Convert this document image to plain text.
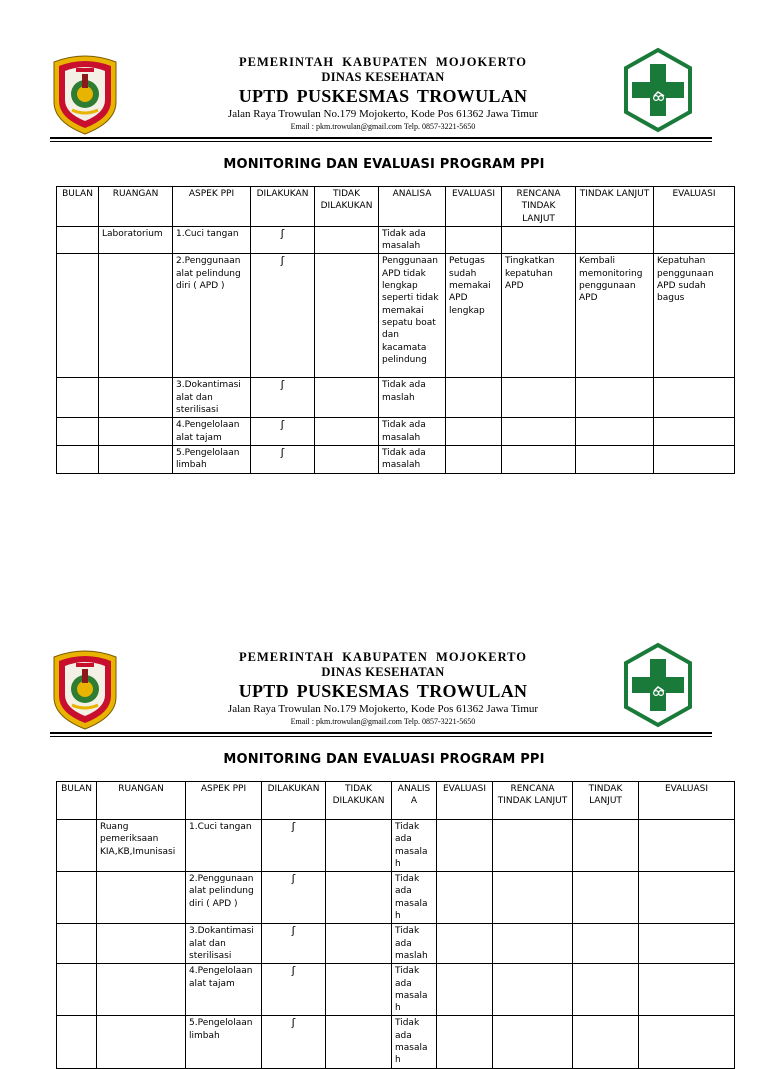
PEMERINTAH KABUPATEN MOJOKERTO
DINAS KESEHATAN
UPTD PUSKESMAS TROWULAN
Jalan Raya Trowulan No.179 Mojokerto, Kode Pos 61362 Jawa Timur
Email : pkm.trowulan@gmail.com Telp. 0857-3221-5650
MONITORING DAN EVALUASI PROGRAM PPI
BULAN	RUANGAN	ASPEK PPI	DILAKUKAN	TIDAK DILAKUKAN	ANALISA	EVALUASI	RENCANA TINDAK LANJUT	TINDAK LANJUT	EVALUASI
	Laboratorium	1.Cuci tangan	ʃ		Tidak ada masalah				
		2.Penggunaan alat pelindung diri ( APD )	ʃ		Penggunaan APD tidak lengkap seperti tidak memakai sepatu boat dan kacamata pelindung	Petugas sudah memakai APD lengkap	Tingkatkan kepatuhan APD	Kembali memonitoring penggunaan APD	Kepatuhan penggunaan APD sudah bagus
		3.Dokantimasi alat dan sterilisasi	ʃ		Tidak ada maslah				
		4.Pengelolaan alat tajam	ʃ		Tidak ada masalah				
		5.Pengelolaan limbah	ʃ		Tidak ada masalah				
PEMERINTAH KABUPATEN MOJOKERTO
DINAS KESEHATAN
UPTD PUSKESMAS TROWULAN
Jalan Raya Trowulan No.179 Mojokerto, Kode Pos 61362 Jawa Timur
Email : pkm.trowulan@gmail.com Telp. 0857-3221-5650
MONITORING DAN EVALUASI PROGRAM PPI
BULAN	RUANGAN	ASPEK PPI	DILAKUKAN	TIDAK DILAKUKAN	ANALISA	EVALUASI	RENCANA TINDAK LANJUT	TINDAK LANJUT	EVALUASI
	Ruang pemeriksaan KIA,KB,Imunisasi	1.Cuci tangan	ʃ		Tidak ada masalah				
		2.Penggunaan alat pelindung diri ( APD )	ʃ		Tidak ada masalah				
		3.Dokantimasi alat dan sterilisasi	ʃ		Tidak ada maslah				
		4.Pengelolaan alat tajam	ʃ		Tidak ada masalah				
		5.Pengelolaan limbah	ʃ		Tidak ada masalah				
